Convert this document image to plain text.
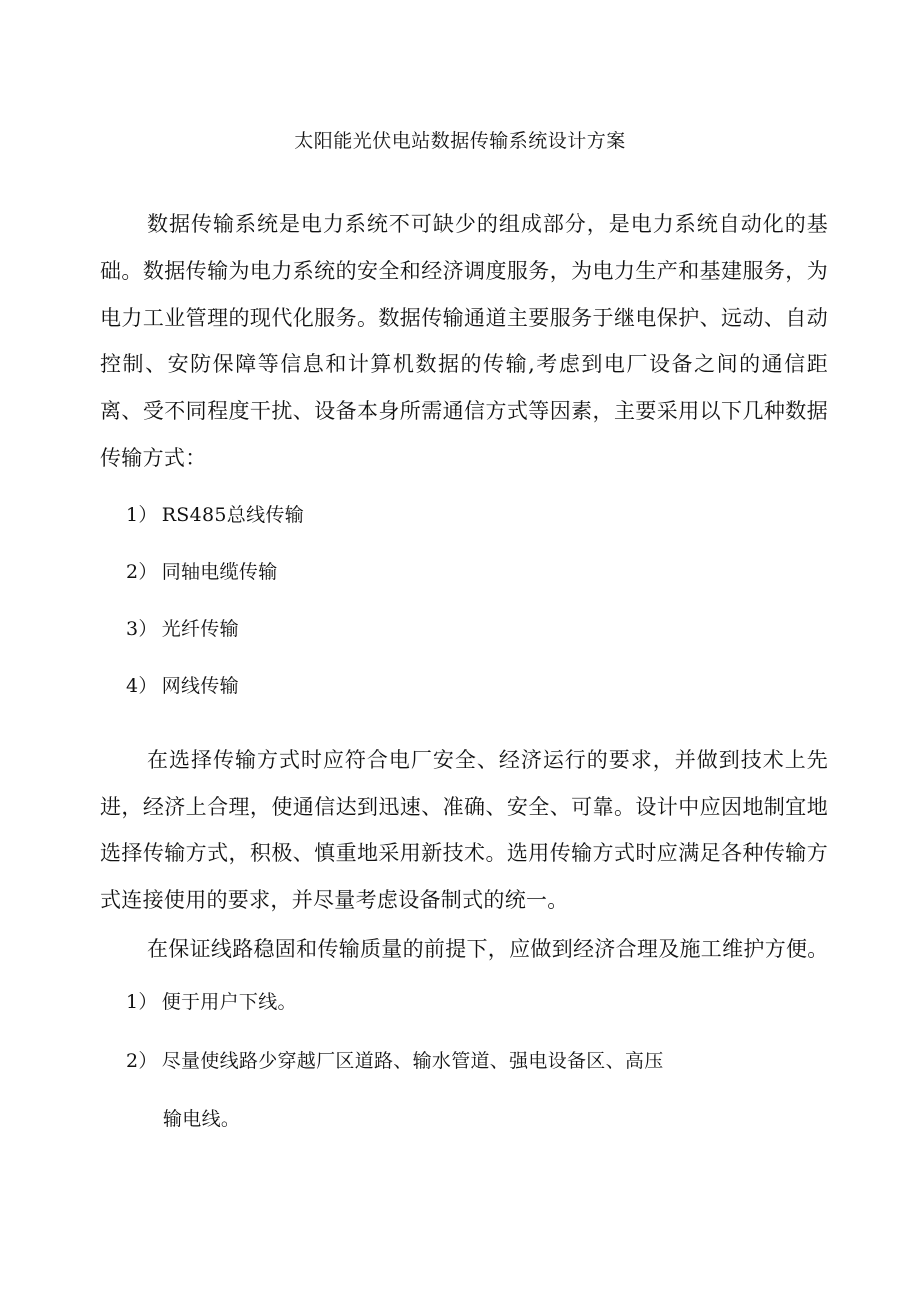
太阳能光伏电站数据传输系统设计方案

数据传输系统是电力系统不可缺少的组成部分，是电力系统自动化的基础。数据传输为电力系统的安全和经济调度服务，为电力生产和基建服务，为电力工业管理的现代化服务。数据传输通道主要服务于继电保护、远动、自动控制、安防保障等信息和计算机数据的传输,考虑到电厂设备之间的通信距离、受不同程度干扰、设备本身所需通信方式等因素，主要采用以下几种数据传输方式：

1） RS485总线传输

2） 同轴电缆传输

3） 光纤传输

4） 网线传输

在选择传输方式时应符合电厂安全、经济运行的要求，并做到技术上先进，经济上合理，使通信达到迅速、准确、安全、可靠。设计中应因地制宜地选择传输方式，积极、慎重地采用新技术。选用传输方式时应满足各种传输方式连接使用的要求，并尽量考虑设备制式的统一。

在保证线路稳固和传输质量的前提下，应做到经济合理及施工维护方便。

1） 便于用户下线。

2） 尽量使线路少穿越厂区道路、输水管道、强电设备区、高压

输电线。
